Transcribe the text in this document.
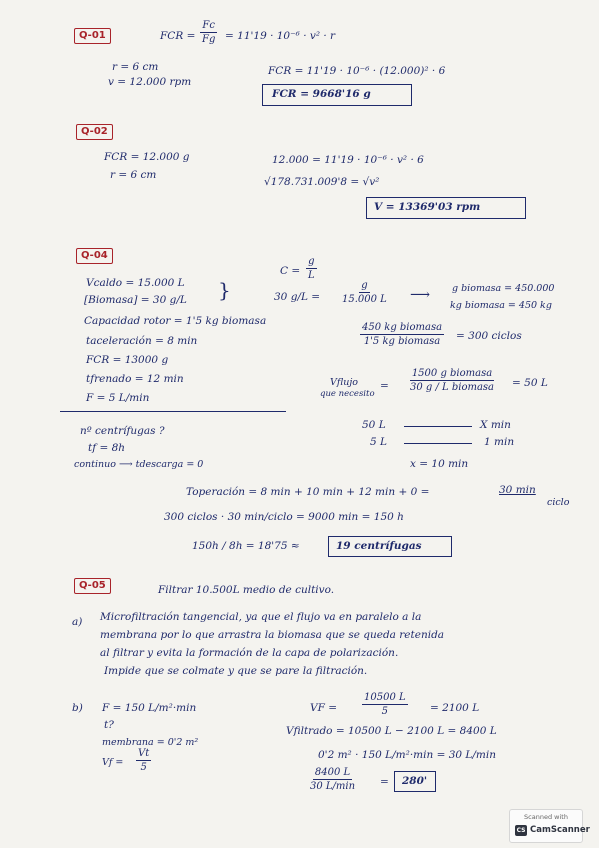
Q-01	FCR = $\frac{Fc}{Fg} = 11'19 \cdot 10^{-6} \cdot v^2 \cdot r$
r = 6 cm
v = 12.000 rpm
FCR = 11'19 · 10⁻⁶ · (12.000)² · 6
FCR = 9668'16 g
Q-02
FCR = 12.000 g
r = 6 cm
12.000 = 11'19 · 10⁻⁶ · v² · 6
√178.731.009'8 = √v²
V = 13369'03 rpm
Q-04
Vcaldo = 15.000 L
[Biomasa] = 30 g/L }
Capacidad rotor = 1'5 kg biomasa
taceleración = 8 min
FCR = 13000 g
tfrenado = 12 min
F = 5 L/min
$C = \frac{g}{L}$
30 $g/L = \frac{g}{15.000 L}$ ⟶ g biomasa = 450.000
kg biomasa = 450 kg
450 kg biomasa
1'5 kg biomasa = 300 ciclos
Vflujo
que necesito
=
1500 g biomasa
30 g / L biomasa = 50 L
nº centrífugas ?
tf = 8h
continuo ⟶ tdescarga = 0
50 L	X min
5 L	1 min
x = 10 min
Toperación = 8 min + 10 min + 12 min + 0 =	30 min
ciclo
300 ciclos · 30 min/ciclo = 9000 min = 150 h
150h / 8h = 18'75 ≈	19 centrífugas
Q-05	Filtrar 10.500L medio de cultivo.
a) Microfiltración tangencial, ya que el flujo va en paralelo a la
membrana por lo que arrastra la biomasa que se queda retenida
al filtrar y evita la formación de la capa de polarización.
Impide que se colmate y que se pare la filtración.
b) F = 150 L/m²·min
t?
membrana = 0'2 m²
$Vf = \frac{Vt}{5}$
VF = $\frac{10500 L}{5} = 2100$ L
Vfiltrado = 10500 L − 2100 L = 8400 L
0'2 m² · 150 L/m²·min = 30 L/min
8400 L
30 L/min = 280'
Scanned with
CS CamScanner
